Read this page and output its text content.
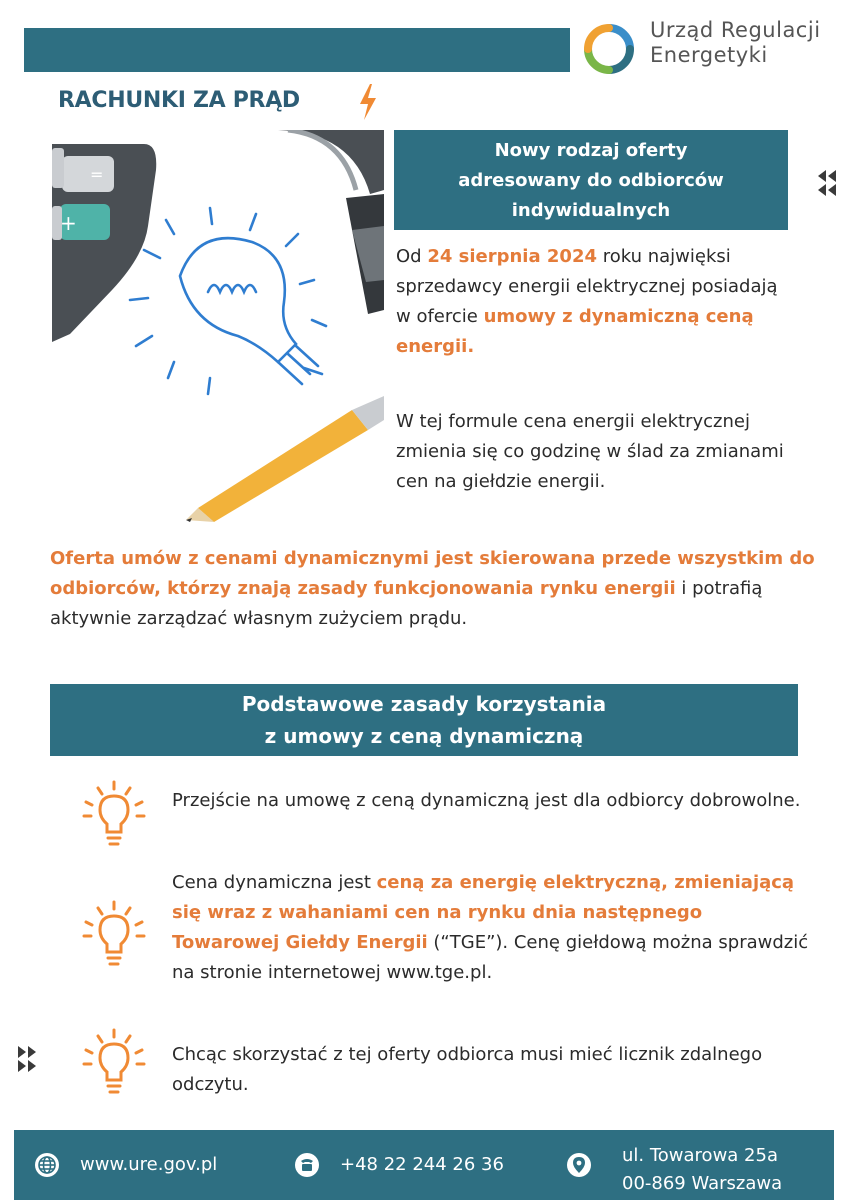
Urząd Regulacji
Energetyki
RACHUNKI ZA PRĄD
=
+
Nowy rodzaj oferty
adresowany do odbiorców
indywidualnych

Od 24 sierpnia 2024 roku najwięksi sprzedawcy energii elektrycznej posiadają w ofercie umowy z dynamiczną ceną energii.

W tej formule cena energii elektrycznej zmienia się co godzinę w ślad za zmianami cen na giełdzie energii.

Oferta umów z cenami dynamicznymi jest skierowana przede wszystkim do odbiorców, którzy znają zasady funkcjonowania rynku energii i potrafią aktywnie zarządzać własnym zużyciem prądu.

Podstawowe zasady korzystania
z umowy z ceną dynamiczną

Przejście na umowę z ceną dynamiczną jest dla odbiorcy dobrowolne.

Cena dynamiczna jest ceną za energię elektryczną, zmieniającą się wraz z wahaniami cen na rynku dnia następnego Towarowej Giełdy Energii (“TGE”). Cenę giełdową można sprawdzić na stronie internetowej www.tge.pl.

Chcąc skorzystać z tej oferty odbiorca musi mieć licznik zdalnego odczytu.

www.ure.gov.pl	+48 22 244 26 36	ul. Towarowa 25a
00-869 Warszawa
